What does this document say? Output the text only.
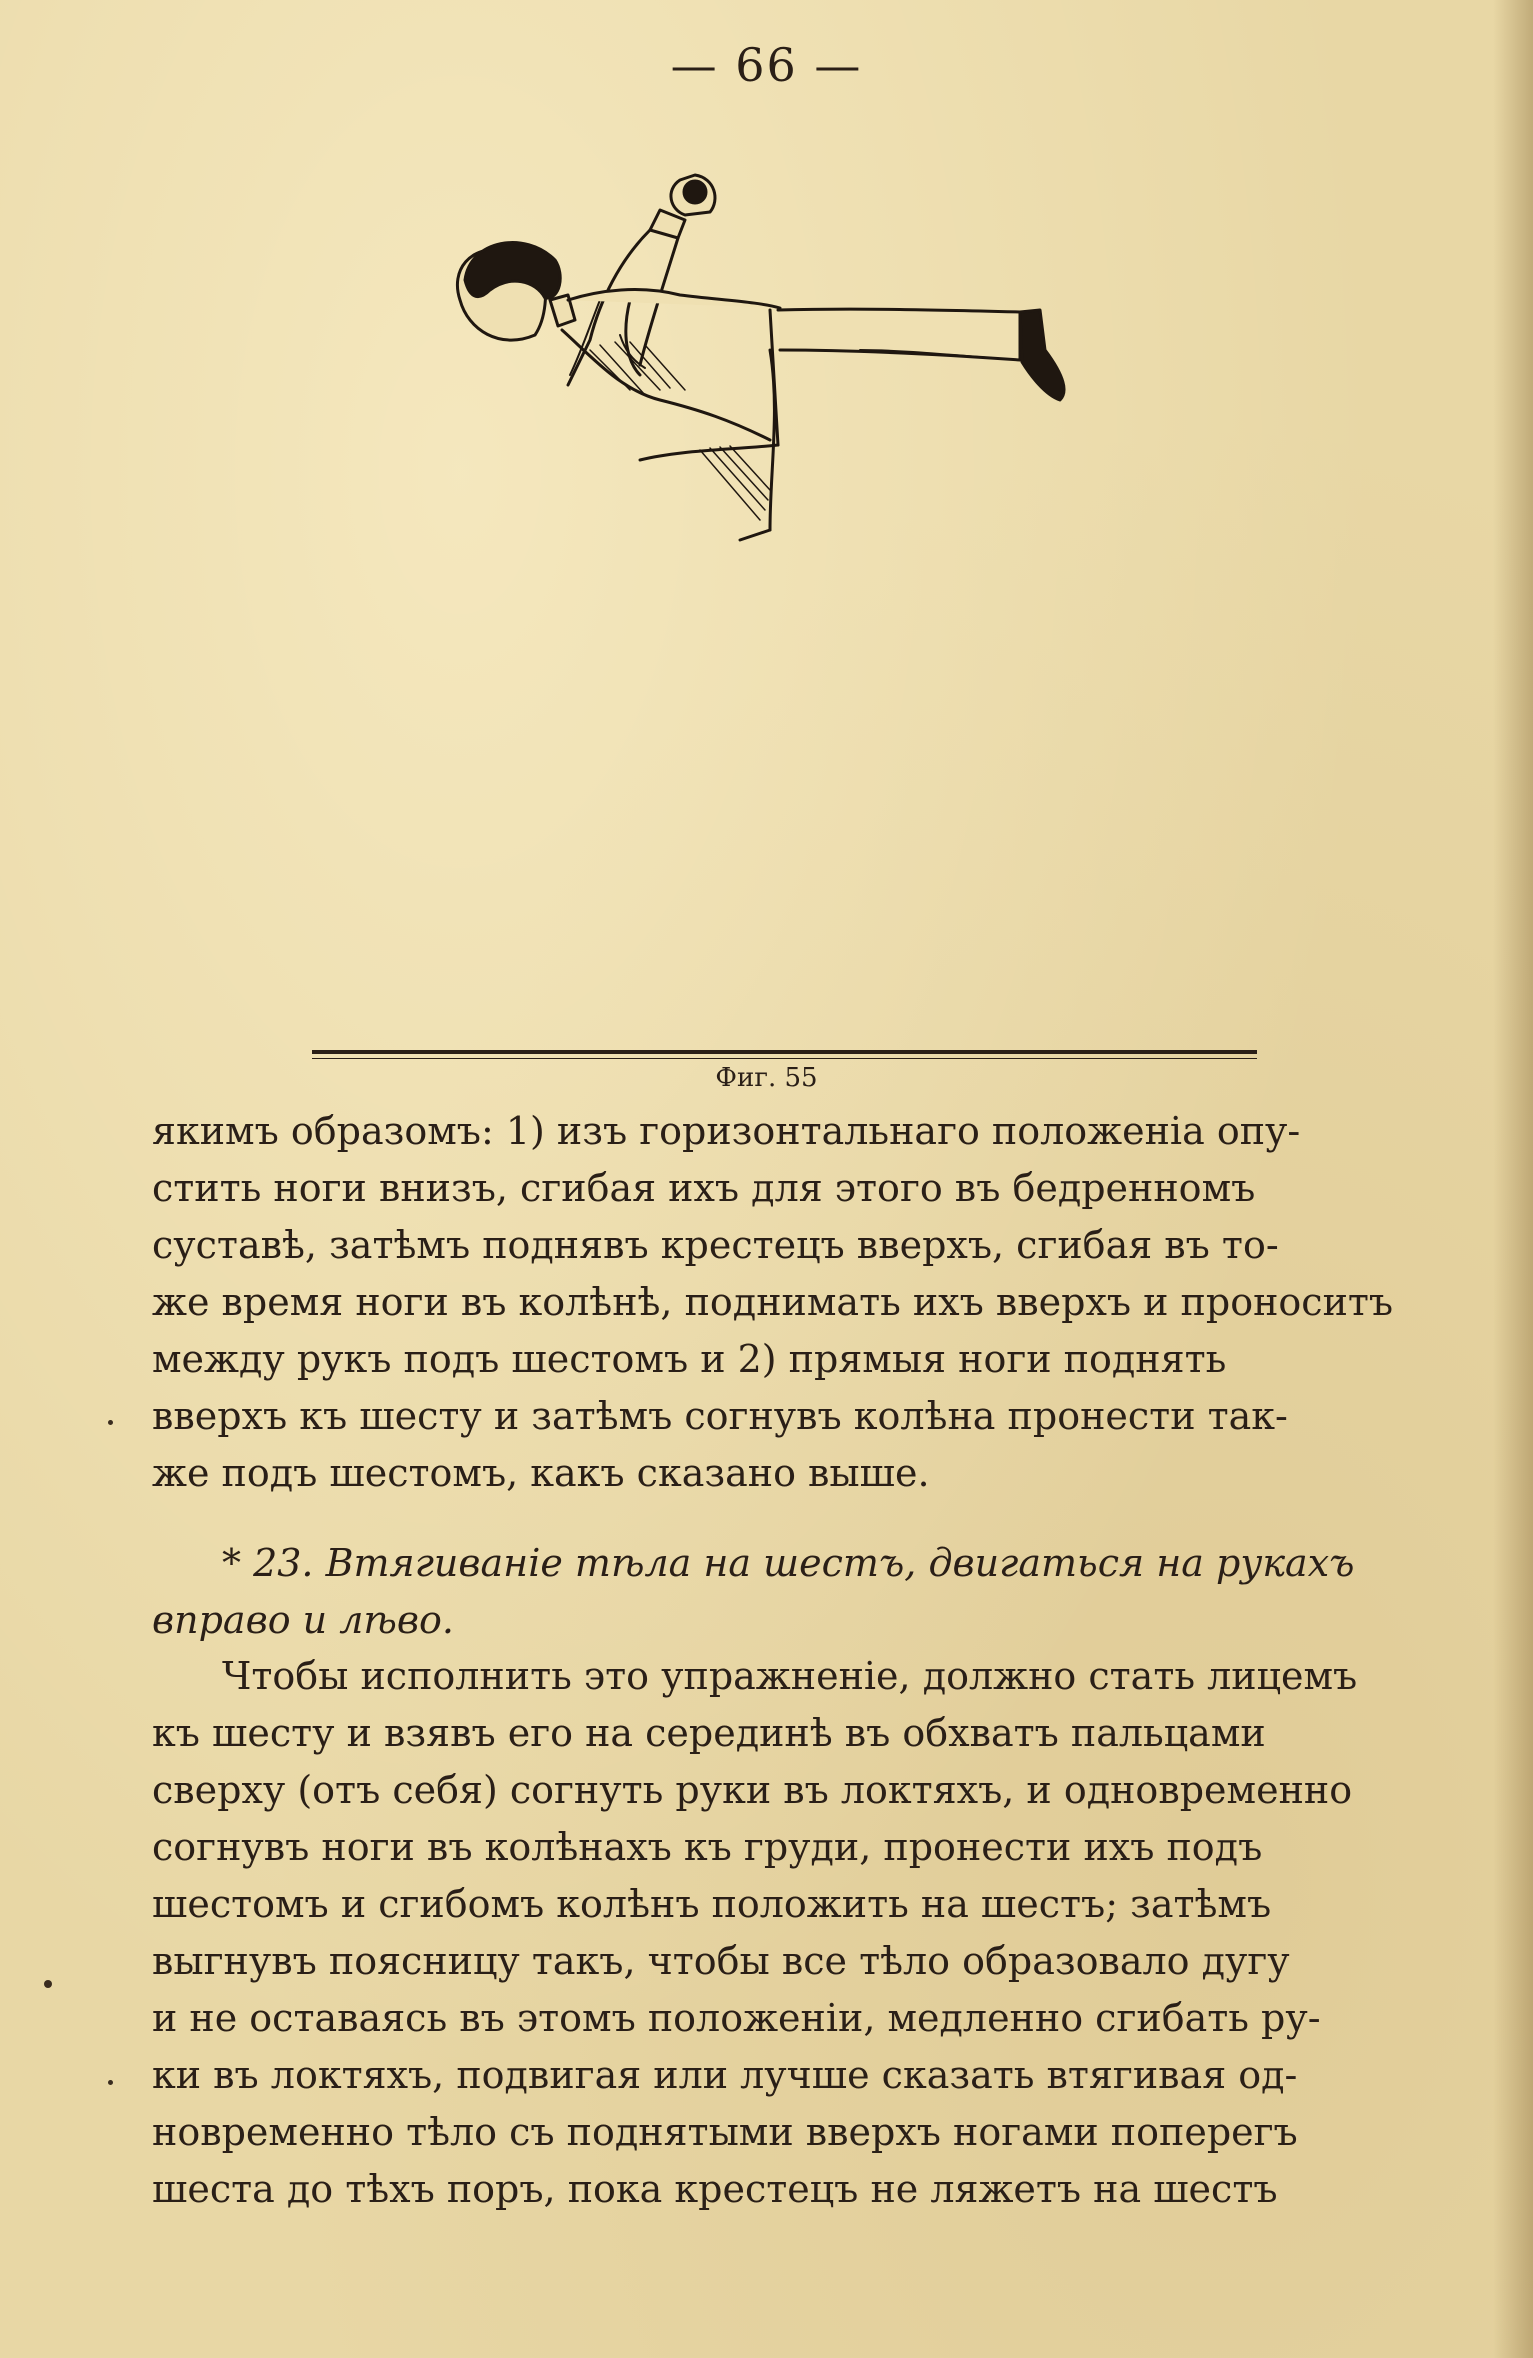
— 66 —
Фиг. 55

якимъ образомъ: 1) изъ горизонтальнаго положенiа опу-

стить ноги внизъ, сгибая ихъ для этого въ бедренномъ

суставѣ, затѣмъ поднявъ крестецъ вверхъ, сгибая въ то-

же время ноги въ колѣнѣ, поднимать ихъ вверхъ и проноситъ

между рукъ подъ шестомъ и 2) прямыя ноги поднять

вверхъ къ шесту и затѣмъ согнувъ колѣна пронести так-

же подъ шестомъ, какъ сказано выше.

* 23. Втягиванiе тѣла на шестъ, двигаться на рукахъ

вправо и лѣво.

Чтобы исполнить это упражненiе, должно стать лицемъ

къ шесту и взявъ его на серединѣ въ обхватъ пальцами

сверху (отъ себя) согнуть руки въ локтяхъ, и одновременно

согнувъ ноги въ колѣнахъ къ груди, пронести ихъ подъ

шестомъ и сгибомъ колѣнъ положить на шестъ; затѣмъ

выгнувъ поясницу такъ, чтобы все тѣло образовало дугу

и не оставаясь въ этомъ положенiи, медленно сгибать ру-

ки въ локтяхъ, подвигая или лучше сказать втягивая од-

новременно тѣло съ поднятыми вверхъ ногами поперегъ

шеста до тѣхъ поръ, пока крестецъ не ляжетъ на шестъ
